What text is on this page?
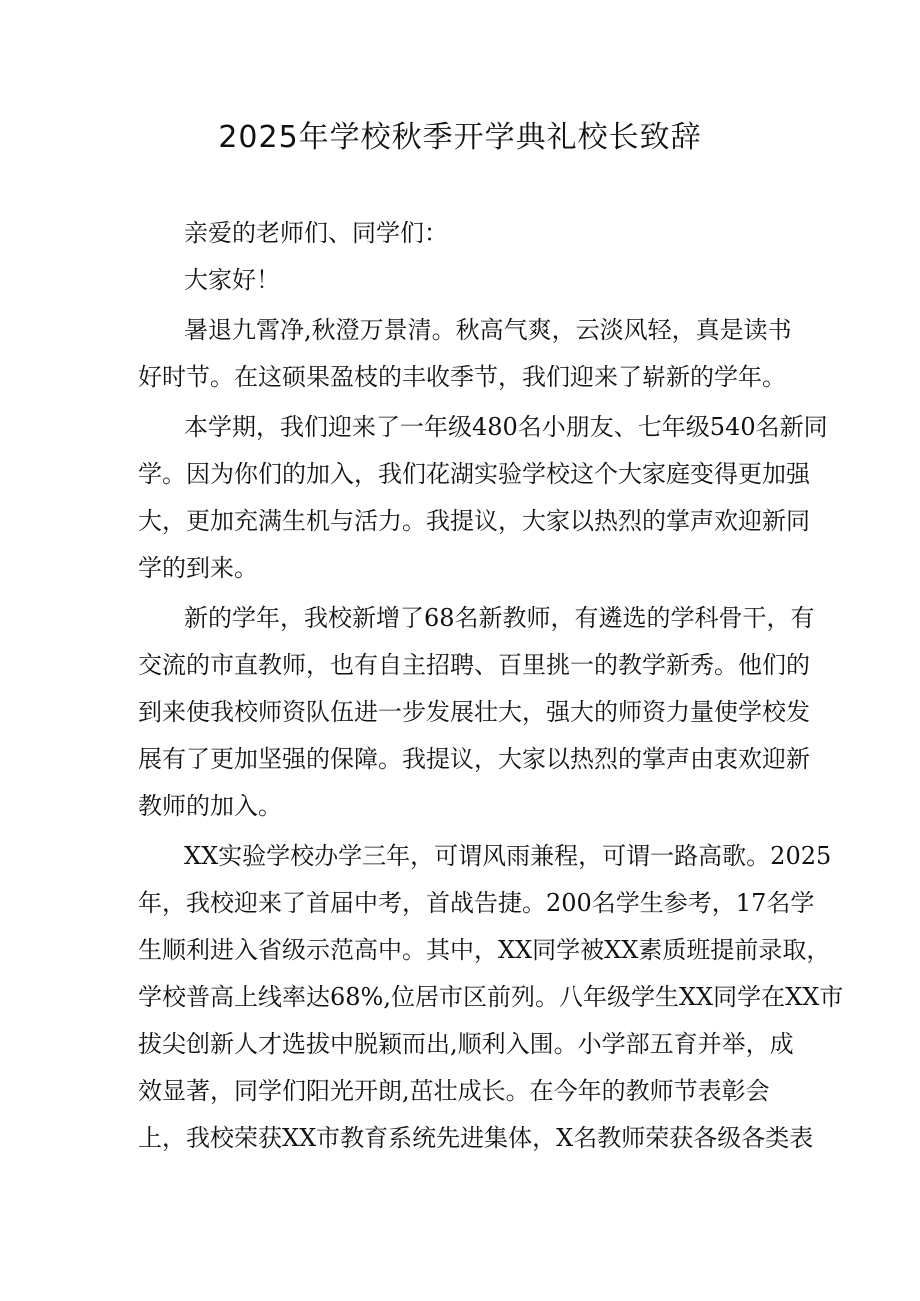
2025年学校秋季开学典礼校长致辞
亲爱的老师们、同学们：
大家好！
暑退九霄净,秋澄万景清。秋高气爽，云淡风轻，真是读书
好时节。在这硕果盈枝的丰收季节，我们迎来了崭新的学年。
本学期，我们迎来了一年级480名小朋友、七年级540名新同
学。因为你们的加入，我们花湖实验学校这个大家庭变得更加强
大，更加充满生机与活力。我提议，大家以热烈的掌声欢迎新同
学的到来。
新的学年，我校新增了68名新教师，有遴选的学科骨干，有
交流的市直教师，也有自主招聘、百里挑一的教学新秀。他们的
到来使我校师资队伍进一步发展壮大，强大的师资力量使学校发
展有了更加坚强的保障。我提议，大家以热烈的掌声由衷欢迎新
教师的加入。
XX实验学校办学三年，可谓风雨兼程，可谓一路高歌。2025
年，我校迎来了首届中考，首战告捷。200名学生参考，17名学
生顺利进入省级示范高中。其中，XX同学被XX素质班提前录取，
学校普高上线率达68%,位居市区前列。八年级学生XX同学在XX市
拔尖创新人才选拔中脱颖而出,顺利入围。小学部五育并举，成
效显著，同学们阳光开朗,茁壮成长。在今年的教师节表彰会
上，我校荣获XX市教育系统先进集体，X名教师荣获各级各类表
